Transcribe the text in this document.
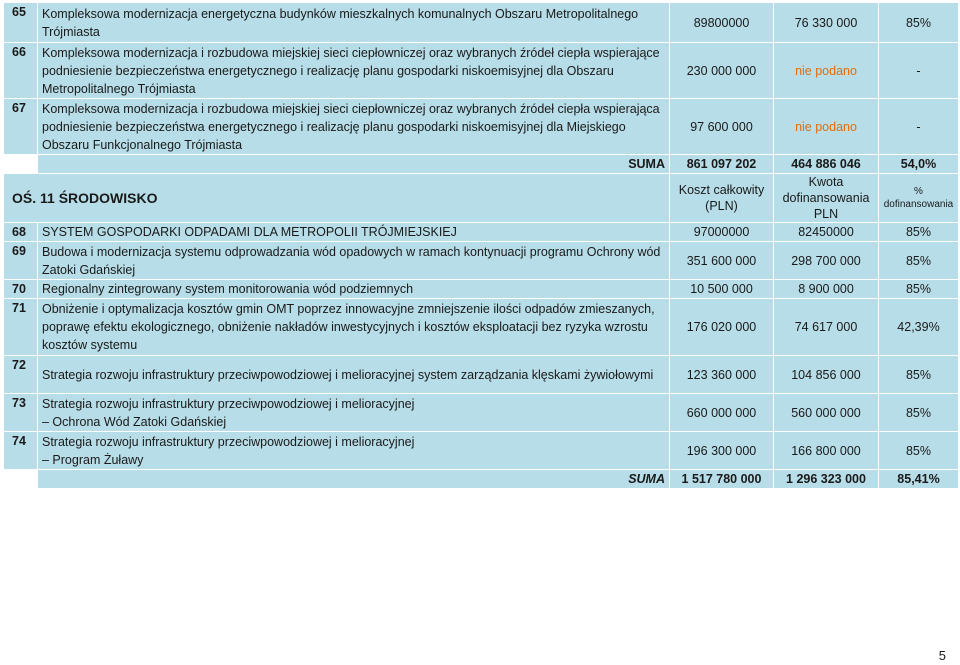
65	Kompleksowa modernizacja energetyczna budynków mieszkalnych komunalnych Obszaru Metropolitalnego Trójmiasta	89800000	76 330 000	85%
66	Kompleksowa modernizacja i rozbudowa miejskiej sieci ciepłowniczej oraz wybranych źródeł ciepła wspierające podniesienie bezpieczeństwa energetycznego i realizację planu gospodarki niskoemisyjnej dla Obszaru Metropolitalnego Trójmiasta	230 000 000	nie podano	-
67	Kompleksowa modernizacja i rozbudowa miejskiej sieci ciepłowniczej oraz wybranych źródeł ciepła wspierająca podniesienie bezpieczeństwa energetycznego i realizację planu gospodarki niskoemisyjnej dla Miejskiego Obszaru Funkcjonalnego Trójmiasta	97 600 000	nie podano	-
	SUMA	861 097 202	464 886 046	54,0%
OŚ. 11 ŚRODOWISKO		Koszt całkowity (PLN)	Kwota dofinansowania PLN	% dofinansowania
68	SYSTEM GOSPODARKI ODPADAMI DLA METROPOLII TRÓJMIEJSKIEJ	97000000	82450000	85%
69	Budowa i modernizacja systemu odprowadzania wód opadowych w ramach kontynuacji programu Ochrony wód Zatoki Gdańskiej	351 600 000	298 700 000	85%
70	Regionalny zintegrowany system monitorowania wód podziemnych	10 500 000	8 900 000	85%
71	Obniżenie i optymalizacja kosztów gmin OMT poprzez innowacyjne zmniejszenie ilości odpadów zmieszanych, poprawę efektu ekologicznego, obniżenie nakładów inwestycyjnych i kosztów eksploatacji bez ryzyka wzrostu kosztów systemu	176 020 000	74 617 000	42,39%
72	Strategia rozwoju infrastruktury przeciwpowodziowej i melioracyjnej system zarządzania klęskami żywiołowymi	123 360 000	104 856 000	85%
73	Strategia rozwoju infrastruktury przeciwpowodziowej i melioracyjnej
– Ochrona Wód Zatoki Gdańskiej	660 000 000	560 000 000	85%
74	Strategia rozwoju infrastruktury przeciwpowodziowej i melioracyjnej
– Program Żuławy	196 300 000	166 800 000	85%
	SUMA	1 517 780 000	1 296 323 000	85,41%
5
